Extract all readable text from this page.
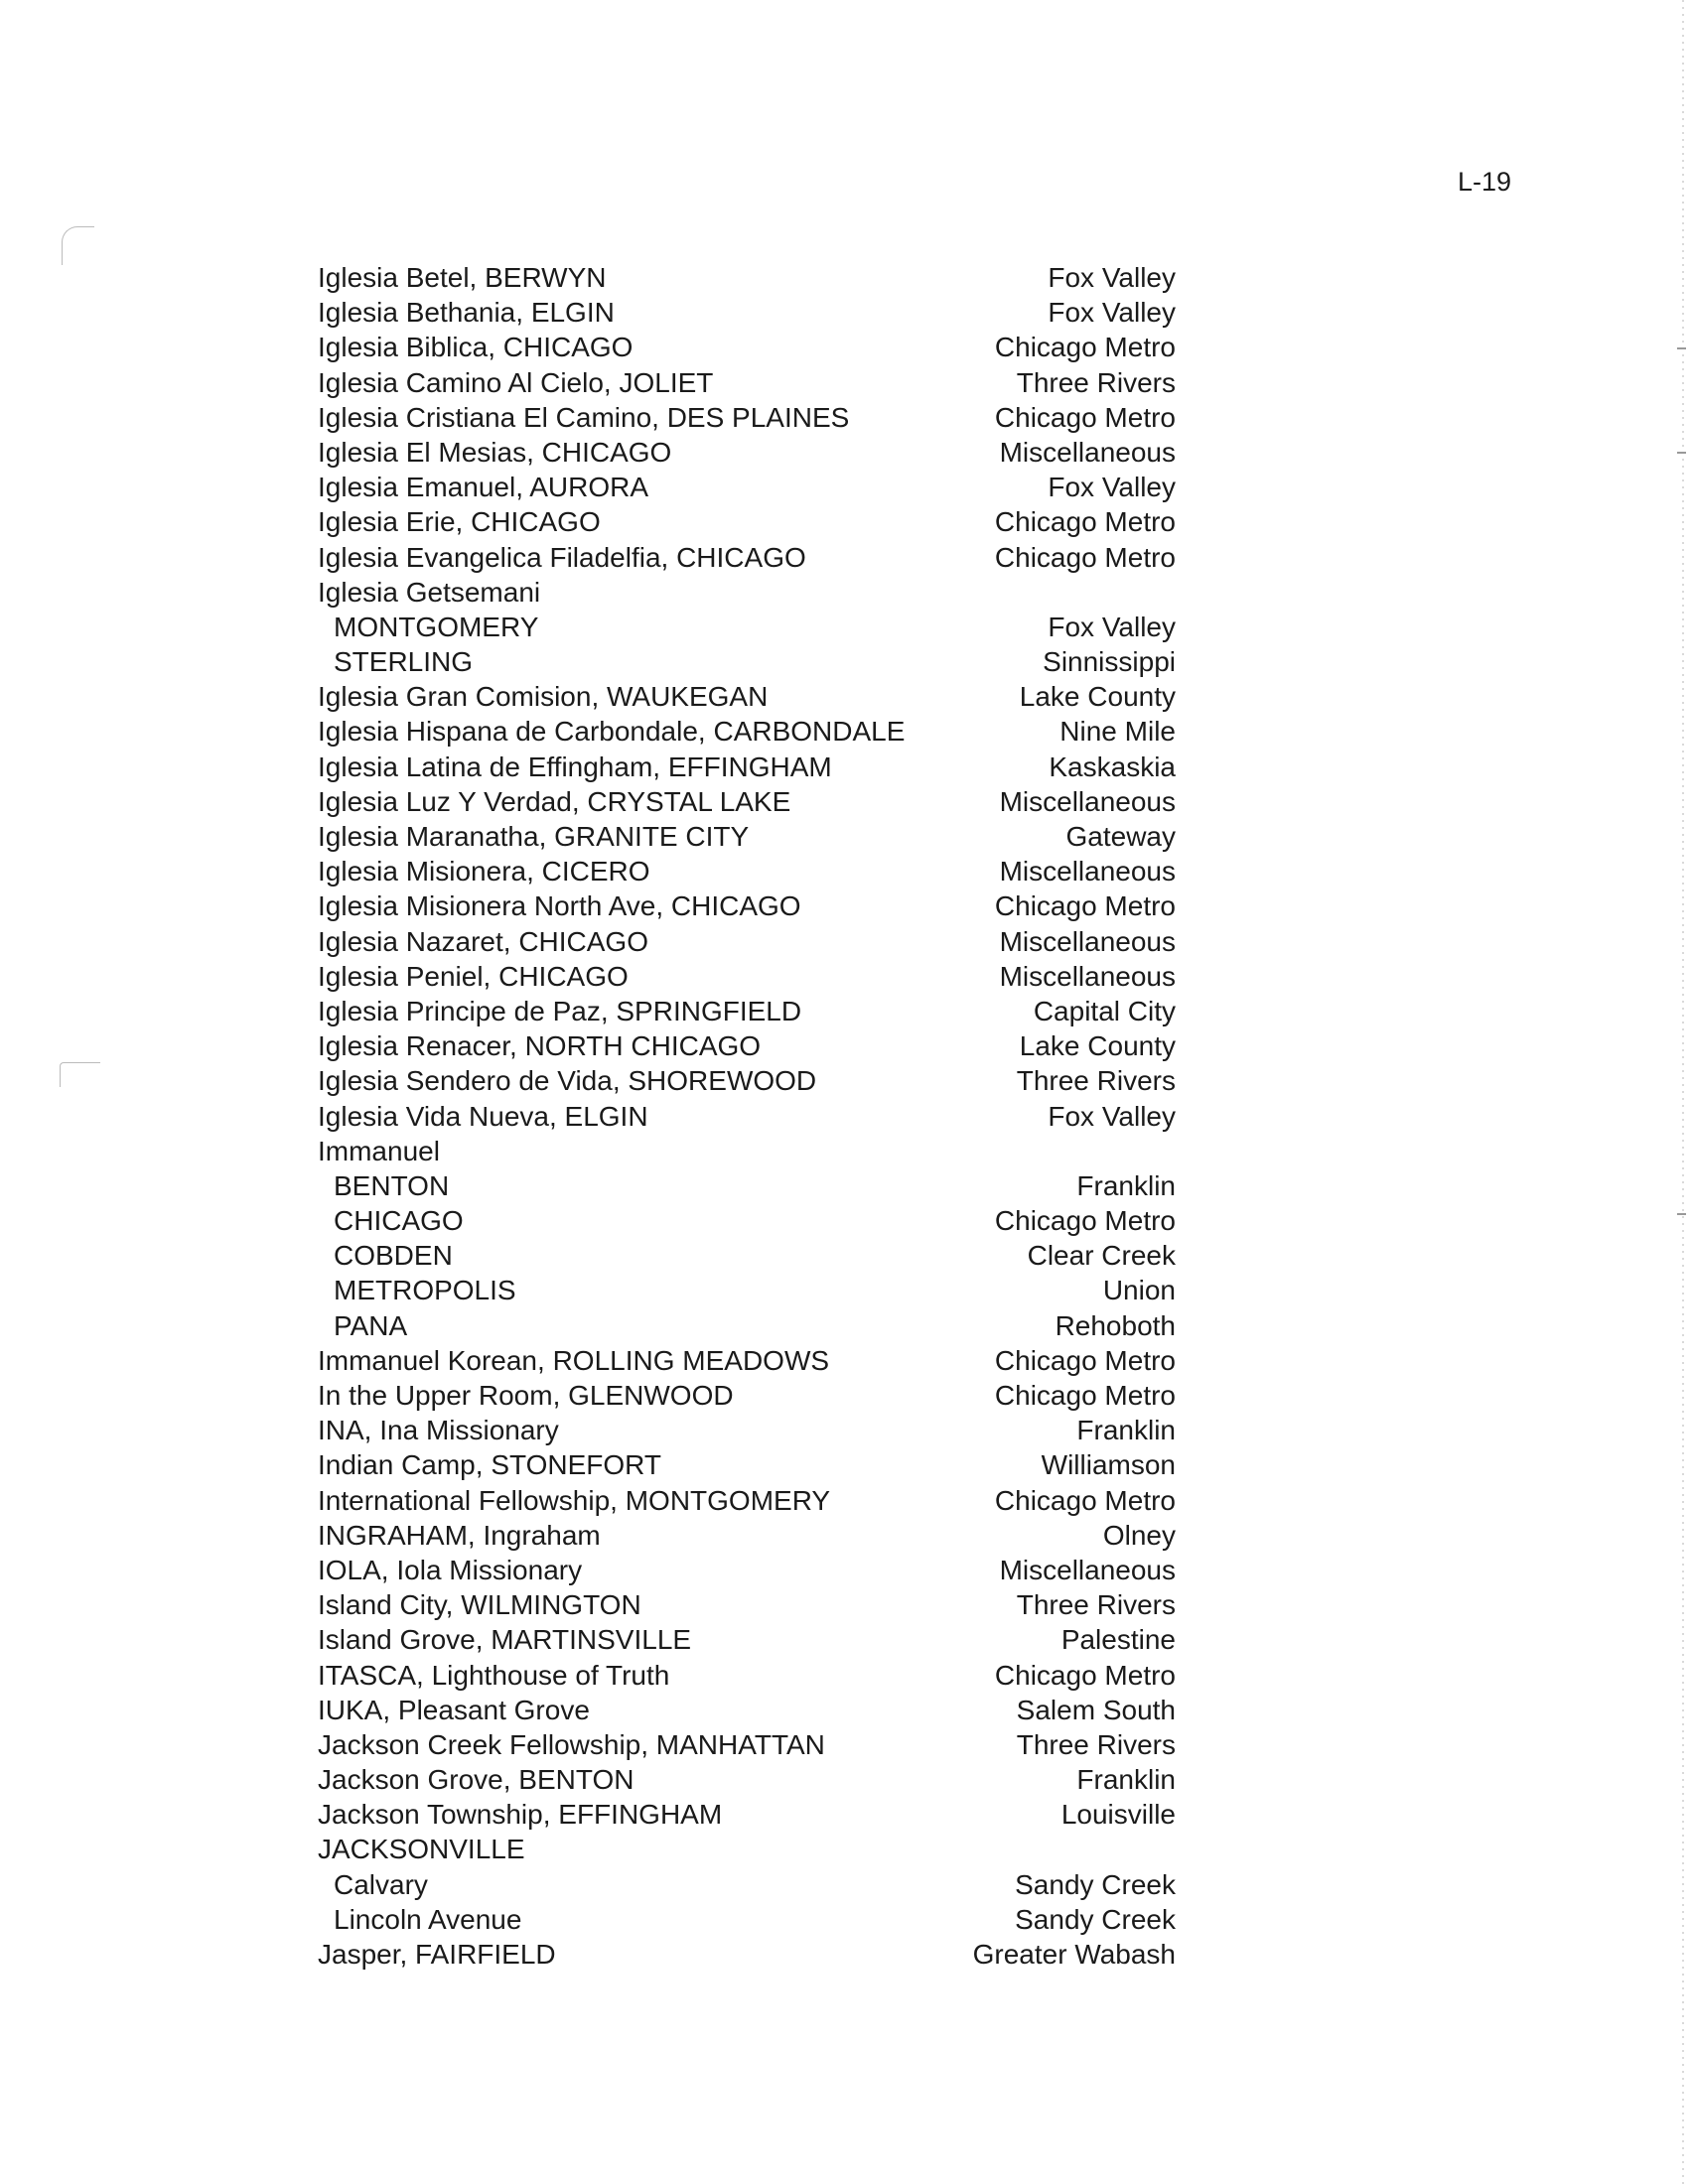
L-19
Iglesia Betel, BERWYN	Fox Valley
Iglesia Bethania, ELGIN	Fox Valley
Iglesia Biblica, CHICAGO	Chicago Metro
Iglesia Camino Al Cielo, JOLIET	Three Rivers
Iglesia Cristiana El Camino, DES PLAINES	Chicago Metro
Iglesia El Mesias, CHICAGO	Miscellaneous
Iglesia Emanuel, AURORA	Fox Valley
Iglesia Erie, CHICAGO	Chicago Metro
Iglesia Evangelica Filadelfia, CHICAGO	Chicago Metro
Iglesia Getsemani
MONTGOMERY	Fox Valley
STERLING	Sinnissippi
Iglesia Gran Comision, WAUKEGAN	Lake County
Iglesia Hispana de Carbondale, CARBONDALE	Nine Mile
Iglesia Latina de Effingham, EFFINGHAM	Kaskaskia
Iglesia Luz Y Verdad, CRYSTAL LAKE	Miscellaneous
Iglesia Maranatha, GRANITE CITY	Gateway
Iglesia Misionera, CICERO	Miscellaneous
Iglesia Misionera North Ave, CHICAGO	Chicago Metro
Iglesia Nazaret, CHICAGO	Miscellaneous
Iglesia Peniel, CHICAGO	Miscellaneous
Iglesia Principe de Paz, SPRINGFIELD	Capital City
Iglesia Renacer, NORTH CHICAGO	Lake County
Iglesia Sendero de Vida, SHOREWOOD	Three Rivers
Iglesia Vida Nueva, ELGIN	Fox Valley
Immanuel
BENTON	Franklin
CHICAGO	Chicago Metro
COBDEN	Clear Creek
METROPOLIS	Union
PANA	Rehoboth
Immanuel Korean, ROLLING MEADOWS	Chicago Metro
In the Upper Room, GLENWOOD	Chicago Metro
INA, Ina Missionary	Franklin
Indian Camp, STONEFORT	Williamson
International Fellowship, MONTGOMERY	Chicago Metro
INGRAHAM, Ingraham	Olney
IOLA, Iola Missionary	Miscellaneous
Island City, WILMINGTON	Three Rivers
Island Grove, MARTINSVILLE	Palestine
ITASCA, Lighthouse of Truth	Chicago Metro
IUKA, Pleasant Grove	Salem South
Jackson Creek Fellowship, MANHATTAN	Three Rivers
Jackson Grove, BENTON	Franklin
Jackson Township, EFFINGHAM	Louisville
JACKSONVILLE
Calvary	Sandy Creek
Lincoln Avenue	Sandy Creek
Jasper, FAIRFIELD	Greater Wabash
